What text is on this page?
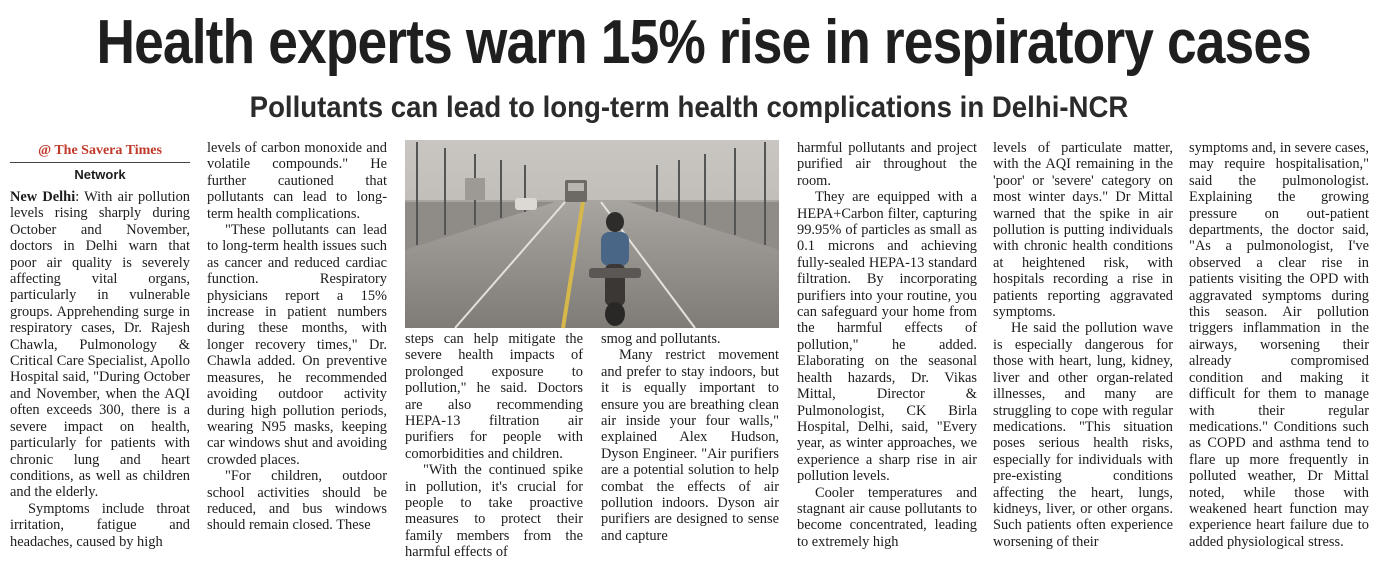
Health experts warn 15% rise in respiratory cases
Pollutants can lead to long-term health complications in Delhi-NCR
@ The Savera Times
Network

New Delhi: With air pollution levels rising sharply during October and November, doctors in Delhi warn that poor air quality is severely affecting vital organs, particularly in vulnerable groups. Apprehending surge in respiratory cases, Dr. Rajesh Chawla, Pulmonology & Critical Care Specialist, Apollo Hospital said, "During October and November, when the AQI often exceeds 300, there is a severe impact on health, particularly for patients with chronic lung and heart conditions, as well as children and the elderly.

Symptoms include throat irritation, fatigue and headaches, caused by high

levels of carbon monoxide and volatile compounds." He further cautioned that pollutants can lead to long-term health complications.

"These pollutants can lead to long-term health issues such as cancer and reduced cardiac function. Respiratory physicians report a 15% increase in patient numbers during these months, with longer recovery times," Dr. Chawla added. On preventive measures, he recommended avoiding outdoor activity during high pollution periods, wearing N95 masks, keeping car windows shut and avoiding crowded places.

"For children, outdoor school activities should be reduced, and bus windows should remain closed. These

steps can help mitigate the severe health impacts of prolonged exposure to pollution," he said. Doctors are also recommending HEPA-13 filtration air purifiers for people with comorbidities and children.

"With the continued spike in pollution, it's crucial for people to take proactive measures to protect their family members from the harmful effects of

smog and pollutants.

Many restrict movement and prefer to stay indoors, but it is equally important to ensure you are breathing clean air inside your four walls," explained Alex Hudson, Dyson Engineer. "Air purifiers are a potential solution to help combat the effects of air pollution indoors. Dyson air purifiers are designed to sense and capture

harmful pollutants and project purified air throughout the room.

They are equipped with a HEPA+Carbon filter, capturing 99.95% of particles as small as 0.1 microns and achieving fully-sealed HEPA-13 standard filtration. By incorporating purifiers into your routine, you can safeguard your home from the harmful effects of pollution," he added. Elaborating on the seasonal health hazards, Dr. Vikas Mittal, Director & Pulmonologist, CK Birla Hospital, Delhi, said, "Every year, as winter approaches, we experience a sharp rise in air pollution levels.

Cooler temperatures and stagnant air cause pollutants to become concentrated, leading to extremely high

levels of particulate matter, with the AQI remaining in the 'poor' or 'severe' category on most winter days." Dr Mittal warned that the spike in air pollution is putting individuals with chronic health conditions at heightened risk, with hospitals recording a rise in patients reporting aggravated symptoms.

He said the pollution wave is especially dangerous for those with heart, lung, kidney, liver and other organ-related illnesses, and many are struggling to cope with regular medications. "This situation poses serious health risks, especially for individuals with pre-existing conditions affecting the heart, lungs, kidneys, liver, or other organs. Such patients often experience worsening of their

symptoms and, in severe cases, may require hospitalisation," said the pulmonologist. Explaining the growing pressure on out-patient departments, the doctor said, "As a pulmonologist, I've observed a clear rise in patients visiting the OPD with aggravated symptoms during this season. Air pollution triggers inflammation in the airways, worsening their already compromised condition and making it difficult for them to manage with their regular medications." Conditions such as COPD and asthma tend to flare up more frequently in polluted weather, Dr Mittal noted, while those with weakened heart function may experience heart failure due to added physiological stress.
